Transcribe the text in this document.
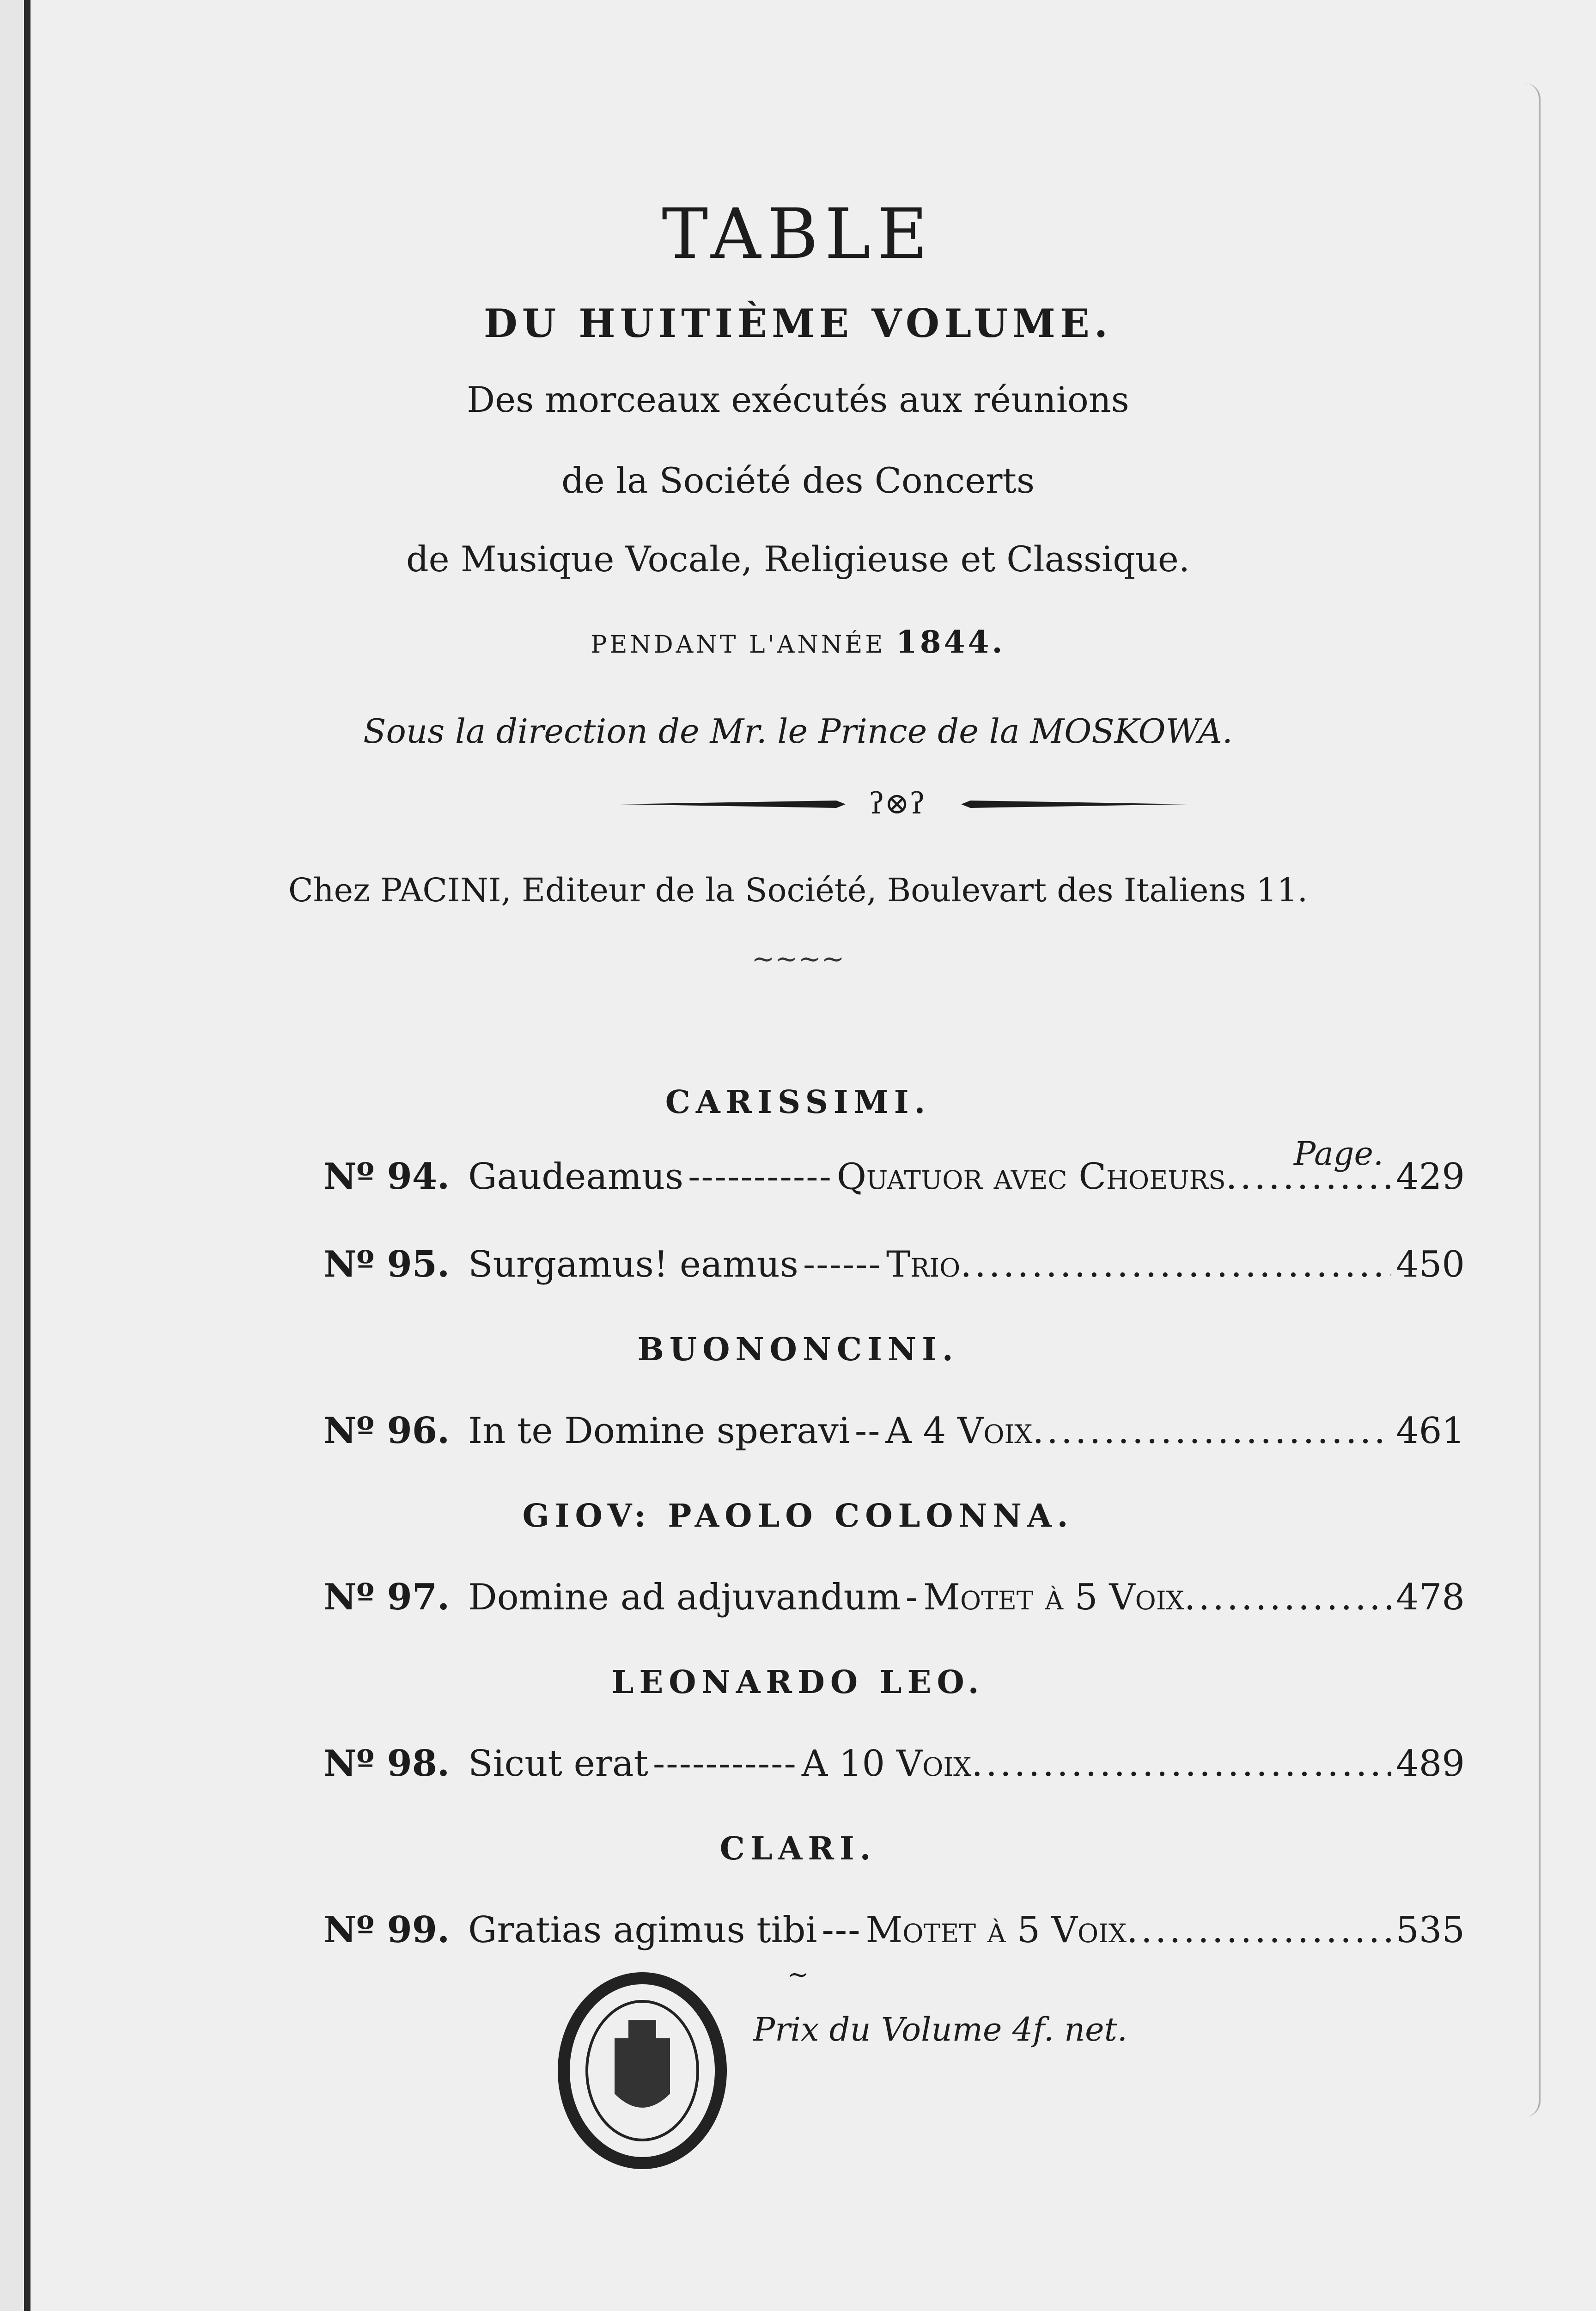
TABLE
DU HUITIÈME VOLUME.
Des morceaux exécutés aux réunions
de la Société des Concerts
de Musique Vocale, Religieuse et Classique.
PENDANT L'ANNÉE 1844.
Sous la direction de Mr. le Prince de la MOSKOWA.
ʔ⊗ʔ
Chez PACINI, Editeur de la Société, Boulevart des Italiens 11.
~~~~
CARISSIMI.
Page.
Nº 94. Gaudeamus ----------- Quatuor avec Choeurs .....	429
Nº 95. Surgamus! eamus ------ Trio .....	450
BUONONCINI.
Nº 96. In te Domine speravi -- A 4 Voix .....	461
GIOV: PAOLO COLONNA.
Nº 97. Domine ad adjuvandum - Motet à 5 Voix .....	478
LEONARDO LEO.
Nº 98. Sicut erat ----------- A 10 Voix .....	489
CLARI.
Nº 99. Gratias agimus tibi --- Motet à 5 Voix .....	535
~
Prix du Volume 4f. net.
